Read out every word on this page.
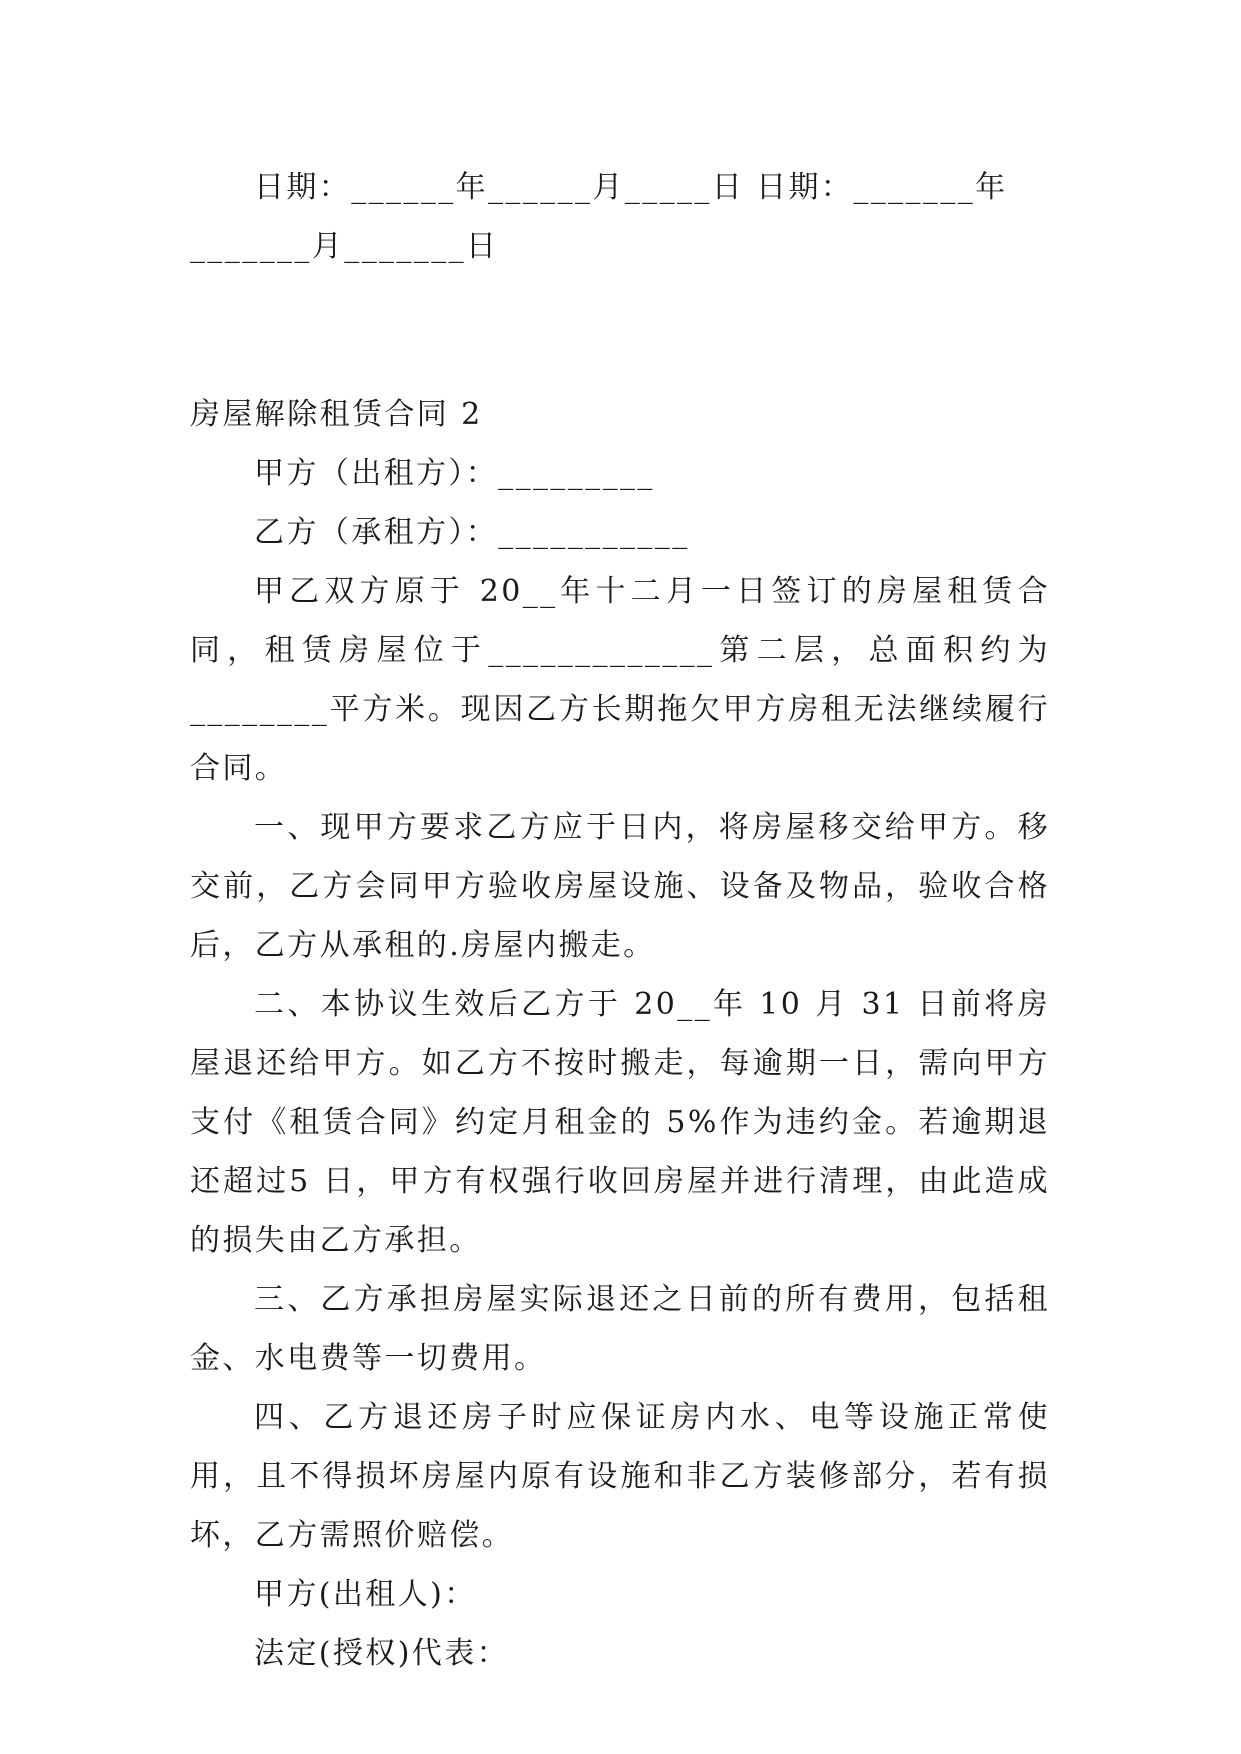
日期：______年______月_____日 日期：_______年

_______月_______日

房屋解除租赁合同 2

甲方（出租方）：_________

乙方（承租方）：___________

甲乙双方原于 20__年十二月一日签订的房屋租赁合同，租赁房屋位于_____________第二层，总面积约为________平方米。现因乙方长期拖欠甲方房租无法继续履行合同。

一、现甲方要求乙方应于日内，将房屋移交给甲方。移交前，乙方会同甲方验收房屋设施、设备及物品，验收合格后，乙方从承租的.房屋内搬走。

二、本协议生效后乙方于 20__年 10 月 31 日前将房屋退还给甲方。如乙方不按时搬走，每逾期一日，需向甲方支付《租赁合同》约定月租金的 5%作为违约金。若逾期退还超过5 日，甲方有权强行收回房屋并进行清理，由此造成的损失由乙方承担。

三、乙方承担房屋实际退还之日前的所有费用，包括租金、水电费等一切费用。

四、乙方退还房子时应保证房内水、电等设施正常使用，且不得损坏房屋内原有设施和非乙方装修部分，若有损坏，乙方需照价赔偿。

甲方(出租人)：

法定(授权)代表：
